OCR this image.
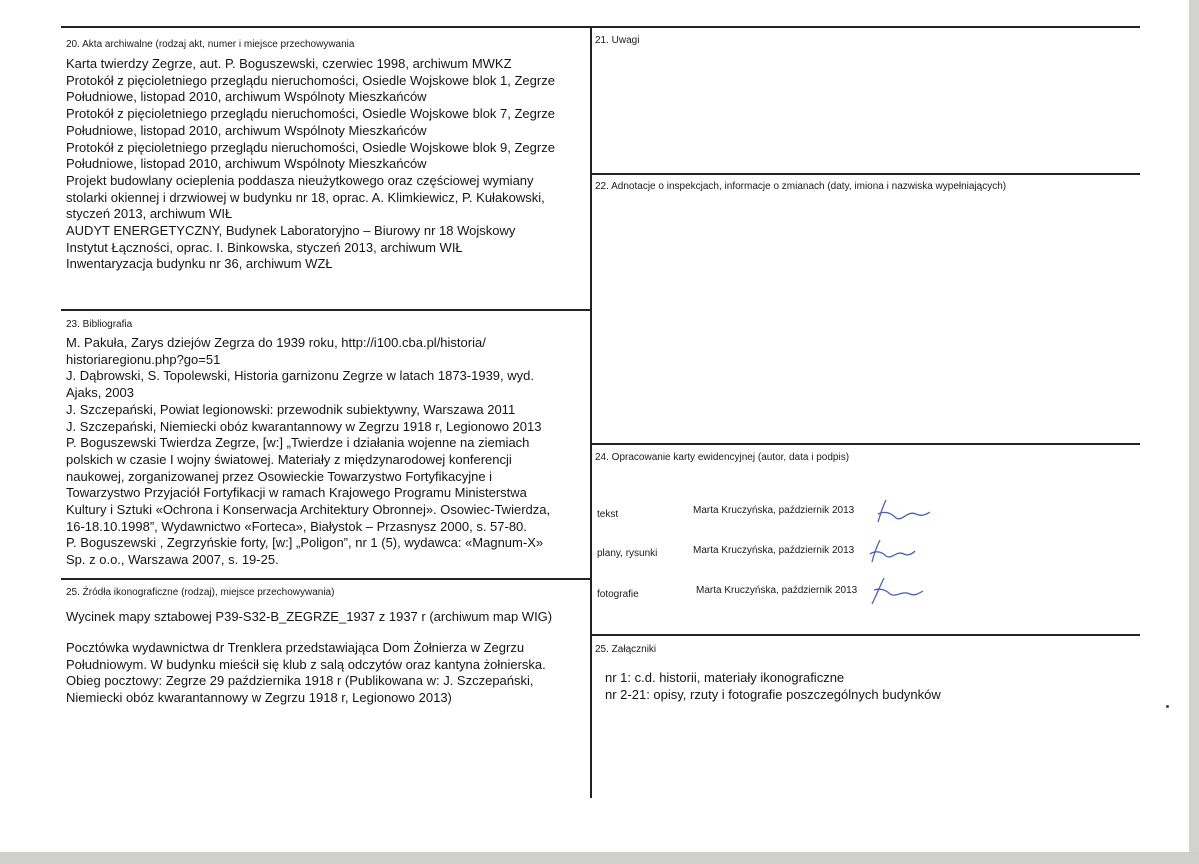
20. Akta archiwalne (rodzaj akt, numer i miejsce przechowywania
Karta twierdzy Zegrze, aut. P. Boguszewski, czerwiec 1998, archiwum MWKZ
Protokół z pięcioletniego przeglądu nieruchomości, Osiedle Wojskowe blok 1, Zegrze
Południowe, listopad 2010, archiwum Wspólnoty Mieszkańców
Protokół z pięcioletniego przeglądu nieruchomości, Osiedle Wojskowe blok 7, Zegrze
Południowe, listopad 2010, archiwum Wspólnoty Mieszkańców
Protokół z pięcioletniego przeglądu nieruchomości, Osiedle Wojskowe blok 9, Zegrze
Południowe, listopad 2010, archiwum Wspólnoty Mieszkańców
Projekt budowlany ocieplenia poddasza nieużytkowego oraz częściowej wymiany
stolarki okiennej i drzwiowej w budynku nr 18, oprac. A. Klimkiewicz, P. Kułakowski,
styczeń 2013, archiwum WIŁ
AUDYT ENERGETYCZNY, Budynek Laboratoryjno – Biurowy nr 18 Wojskowy
Instytut Łączności, oprac. I. Binkowska, styczeń 2013, archiwum WIŁ
Inwentaryzacja budynku nr 36, archiwum WZŁ
21. Uwagi
22. Adnotacje o inspekcjach, informacje o zmianach (daty, imiona i nazwiska wypełniających)
23. Bibliografia
M. Pakuła, Zarys dziejów Zegrza do 1939 roku, http://i100.cba.pl/historia/
historiaregionu.php?go=51
J. Dąbrowski, S. Topolewski, Historia garnizonu Zegrze w latach 1873-1939, wyd.
Ajaks, 2003
J. Szczepański, Powiat legionowski: przewodnik subiektywny, Warszawa 2011
J. Szczepański, Niemiecki obóz kwarantannowy w Zegrzu 1918 r, Legionowo 2013
P. Boguszewski Twierdza Zegrze, [w:] „Twierdze i działania wojenne na ziemiach
polskich w czasie I wojny światowej. Materiały z międzynarodowej konferencji
naukowej, zorganizowanej przez Osowieckie Towarzystwo Fortyfikacyjne i
Towarzystwo Przyjaciół Fortyfikacji w ramach Krajowego Programu Ministerstwa
Kultury i Sztuki «Ochrona i Konserwacja Architektury Obronnej». Osowiec-Twierdza,
16-18.10.1998”, Wydawnictwo «Forteca», Białystok – Przasnysz 2000, s. 57-80.
P. Boguszewski , Zegrzyńskie forty, [w:] „Poligon”, nr 1 (5), wydawca: «Magnum-X»
Sp. z o.o., Warszawa 2007, s. 19-25.
24. Opracowanie karty ewidencyjnej (autor, data i podpis)
tekst	Marta Kruczyńska, październik 2013
plany, rysunki	Marta Kruczyńska, październik 2013
fotografie	Marta Kruczyńska, październik 2013
25. Źródła ikonograficzne (rodzaj), miejsce przechowywania)
Wycinek mapy sztabowej P39-S32-B_ZEGRZE_1937 z 1937 r (archiwum map WIG)
Pocztówka wydawnictwa dr Trenklera przedstawiająca Dom Żołnierza w Zegrzu
Południowym. W budynku mieścił się klub z salą odczytów oraz kantyna żołnierska.
Obieg pocztowy: Zegrze 29 października 1918 r (Publikowana w: J. Szczepański,
Niemiecki obóz kwarantannowy w Zegrzu 1918 r, Legionowo 2013)
25. Załączniki
nr 1: c.d. historii, materiały ikonograficzne
nr 2-21: opisy, rzuty i fotografie poszczególnych budynków
